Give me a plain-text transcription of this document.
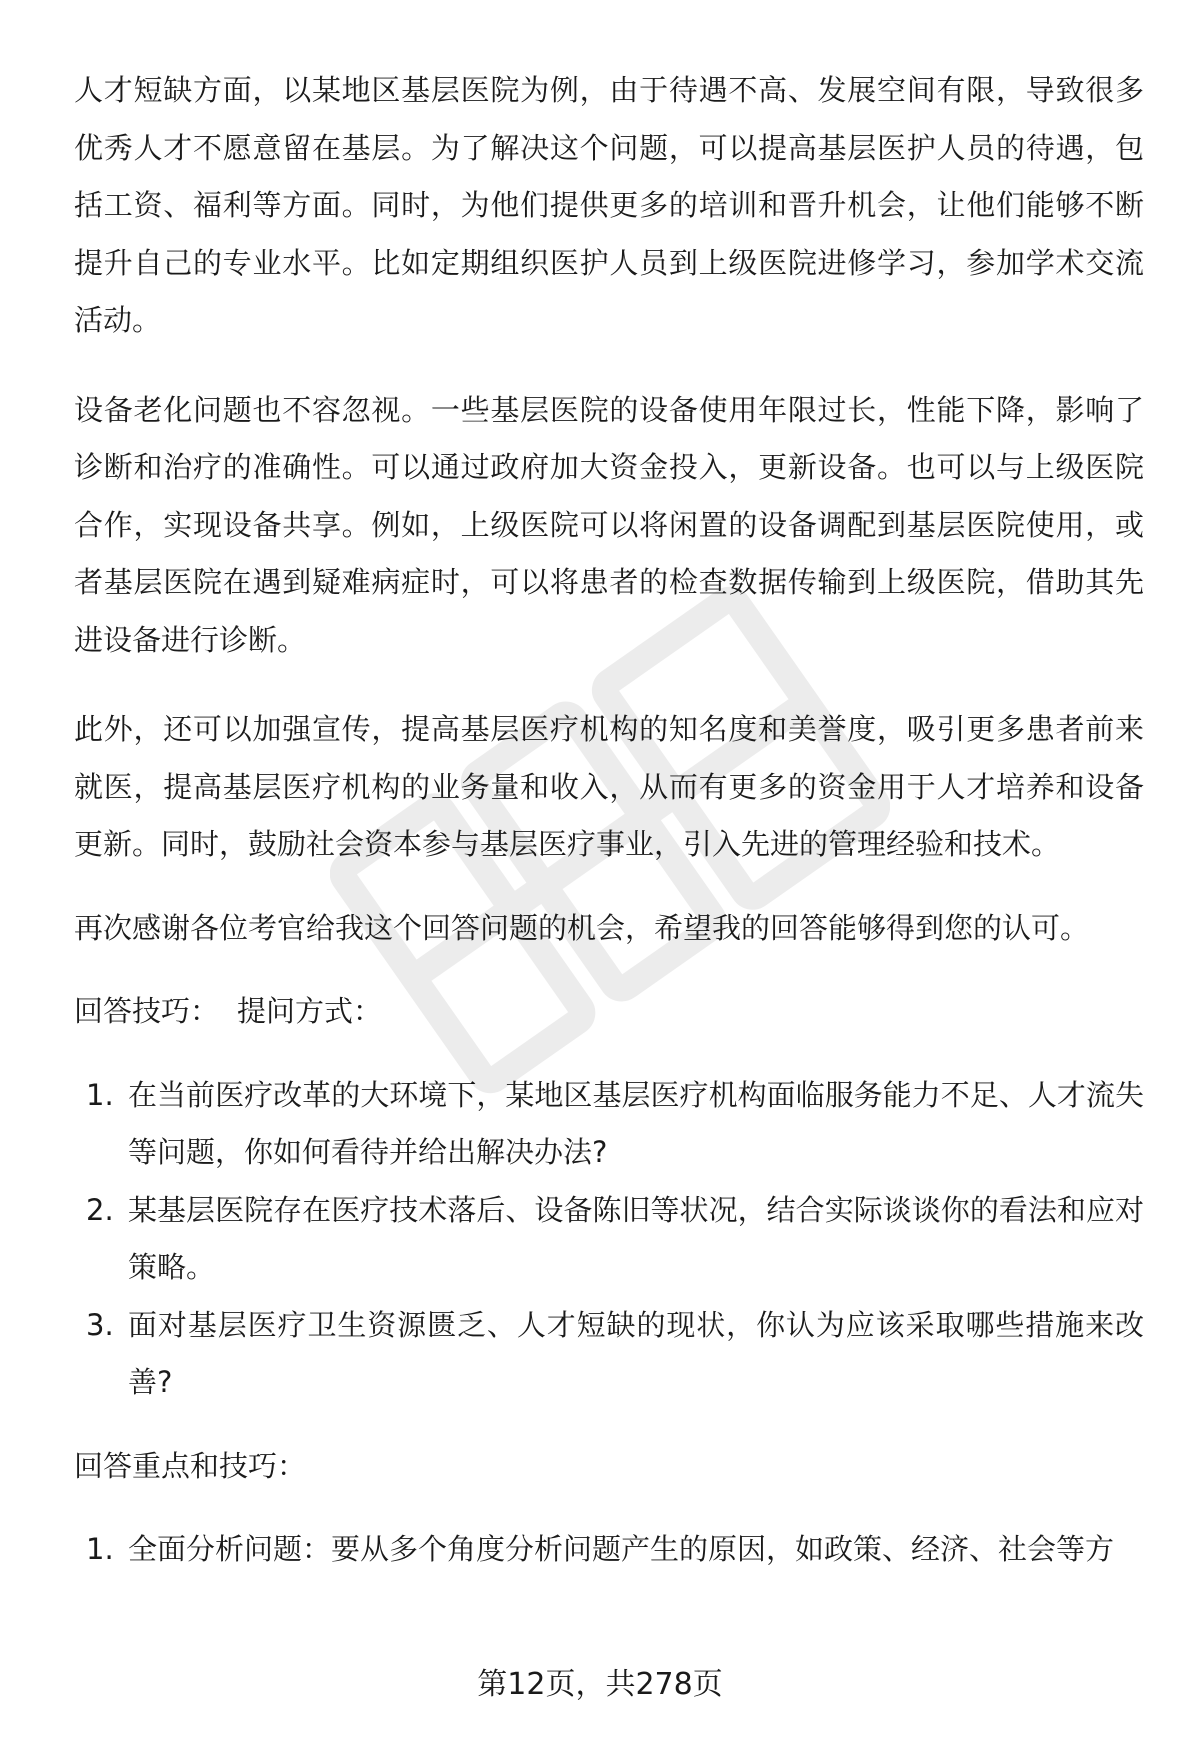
人才短缺方面，以某地区基层医院为例，由于待遇不高、发展空间有限，导致很多优秀人才不愿意留在基层。为了解决这个问题，可以提高基层医护人员的待遇，包括工资、福利等方面。同时，为他们提供更多的培训和晋升机会，让他们能够不断提升自己的专业水平。比如定期组织医护人员到上级医院进修学习，参加学术交流活动。

设备老化问题也不容忽视。一些基层医院的设备使用年限过长，性能下降，影响了诊断和治疗的准确性。可以通过政府加大资金投入，更新设备。也可以与上级医院合作，实现设备共享。例如，上级医院可以将闲置的设备调配到基层医院使用，或者基层医院在遇到疑难病症时，可以将患者的检查数据传输到上级医院，借助其先进设备进行诊断。

此外，还可以加强宣传，提高基层医疗机构的知名度和美誉度，吸引更多患者前来就医，提高基层医疗机构的业务量和收入，从而有更多的资金用于人才培养和设备更新。同时，鼓励社会资本参与基层医疗事业，引入先进的管理经验和技术。

再次感谢各位考官给我这个回答问题的机会，希望我的回答能够得到您的认可。

回答技巧： 提问方式：

1. 在当前医疗改革的大环境下，某地区基层医疗机构面临服务能力不足、人才流失等问题，你如何看待并给出解决办法?
2. 某基层医院存在医疗技术落后、设备陈旧等状况，结合实际谈谈你的看法和应对策略。
3. 面对基层医疗卫生资源匮乏、人才短缺的现状，你认为应该采取哪些措施来改善?

回答重点和技巧：

1. 全面分析问题：要从多个角度分析问题产生的原因，如政策、经济、社会等方
第12页，共278页
